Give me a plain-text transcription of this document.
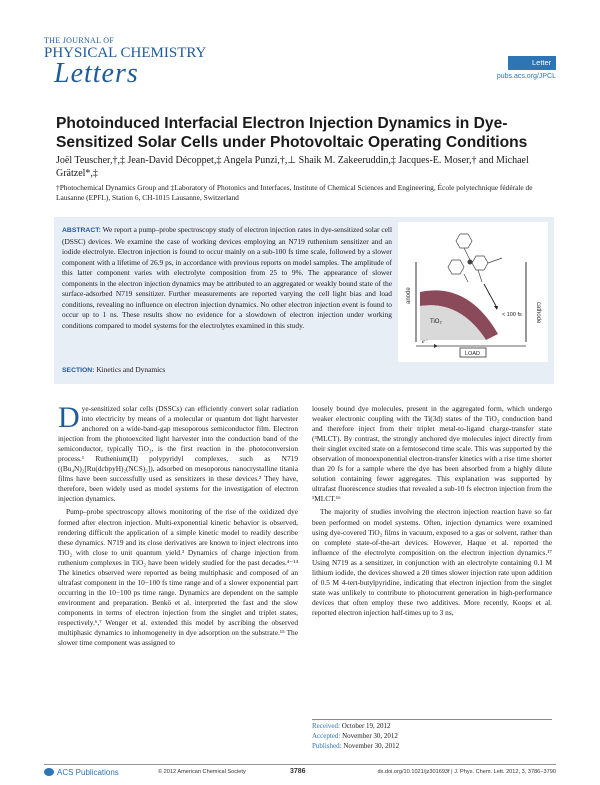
THE JOURNAL OF
PHYSICAL CHEMISTRY
Letters	Letter
pubs.acs.org/JPCL
Photoinduced Interfacial Electron Injection Dynamics in Dye-Sensitized Solar Cells under Photovoltaic Operating Conditions
Joël Teuscher,†,‡ Jean-David Décoppet,‡ Angela Punzi,†,⊥ Shaik M. Zakeeruddin,‡ Jacques-E. Moser,† and Michael Grätzel*,‡
†Photochemical Dynamics Group and ‡Laboratory of Photonics and Interfaces, Institute of Chemical Sciences and Engineering, École polytechnique fédérale de Lausanne (EPFL), Station 6, CH-1015 Lausanne, Switzerland
ABSTRACT: We report a pump–probe spectroscopy study of electron injection rates in dye-sensitized solar cell (DSSC) devices. We examine the case of working devices employing an N719 ruthenium sensitizer and an iodide electrolyte. Electron injection is found to occur mainly on a sub-100 fs time scale, followed by a slower component with a lifetime of 26.9 ps, in accordance with previous reports on model samples. The amplitude of this latter component varies with electrolyte composition from 25 to 9%. The appearance of slower components in the electron injection dynamics may be attributed to an aggregated or weakly bound state of the surface-adsorbed N719 sensitizer. Further measurements are reported varying the cell light bias and load conditions, revealing no influence on electron injection dynamics. No other electron injection event is found to occur up to 1 ns. These results show no evidence for a slowdown of electron injection under working conditions compared to model systems for the electrolytes examined in this study.
SECTION: Kinetics and Dynamics
anode
cathode
TiO₂
< 100 fs
e⁻
LOAD

D ye-sensitized solar cells (DSSCs) can efficiently convert solar radiation into electricity by means of a molecular or quantum dot light harvester anchored on a wide-band-gap mesoporous semiconductor film. Electron injection from the photoexcited light harvester into the conduction band of the semiconductor, typically TiO₂, is the first reaction in the photoconversion process.¹ Ruthenium(II) polypyridyl complexes, such as N719 ((Bu₄N)₂[Ru(dcbpyH)₂(NCS)₂]), adsorbed on mesoporous nanocrystalline titania films have been successfully used as sensitizers in these devices.² They have, therefore, been widely used as model systems for the investigation of electron injection dynamics.

Pump–probe spectroscopy allows monitoring of the rise of the oxidized dye formed after electron injection. Multi-exponential kinetic behavior is observed, rendering difficult the application of a simple kinetic model to readily describe these dynamics. N719 and its close derivatives are known to inject electrons into TiO₂ with close to unit quantum yield.³ Dynamics of charge injection from ruthenium complexes in TiO₂ have been widely studied for the past decades.⁴⁻¹⁴ The kinetics observed were reported as being multiphasic and composed of an ultrafast component in the 10−100 fs time range and of a slower exponential part occurring in the 10−100 ps time range. Dynamics are dependent on the sample environment and preparation. Benkö et al. interpreted the fast and the slow components in terms of electron injection from the singlet and triplet states, respectively.⁶,⁷ Wenger et al. extended this model by ascribing the observed multiphasic dynamics to inhomogeneity in dye adsorption on the substrate.¹⁵ The slower time component was assigned to

loosely bound dye molecules, present in the aggregated form, which undergo weaker electronic coupling with the Ti(3d) states of the TiO₂ conduction band and therefore inject from their triplet metal-to-ligand charge-transfer state (³MLCT). By contrast, the strongly anchored dye molecules inject directly from their singlet excited state on a femtosecond time scale. This was supported by the observation of monoexponential electron-transfer kinetics with a rise time shorter than 20 fs for a sample where the dye has been absorbed from a highly dilute solution containing fewer aggregates. This explanation was supported by ultrafast fluorescence studies that revealed a sub-10 fs electron injection from the ¹MLCT.¹⁶

The majority of studies involving the electron injection reaction have so far been performed on model systems. Often, injection dynamics were examined using dye-covered TiO₂ films in vacuum, exposed to a gas or solvent, rather than on complete state-of-the-art devices. However, Haque et al. reported the influence of the electrolyte composition on the electron injection dynamics.¹⁷ Using N719 as a sensitizer, in conjunction with an electrolyte containing 0.1 M lithium iodide, the devices showed a 20 times slower injection rate upon addition of 0.5 M 4-tert-butylpyridine, indicating that electron injection from the singlet state was unlikely to contribute to photocurrent generation in high-performance devices that often employ these two additives. More recently, Koops et al. reported electron injection half-times up to 3 ns,

Received: October 19, 2012
Accepted: November 30, 2012
Published: November 30, 2012
ACS Publications	© 2012 American Chemical Society	3786	dx.doi.org/10.1021/jz301693f | J. Phys. Chem. Lett. 2012, 3, 3786−3790
